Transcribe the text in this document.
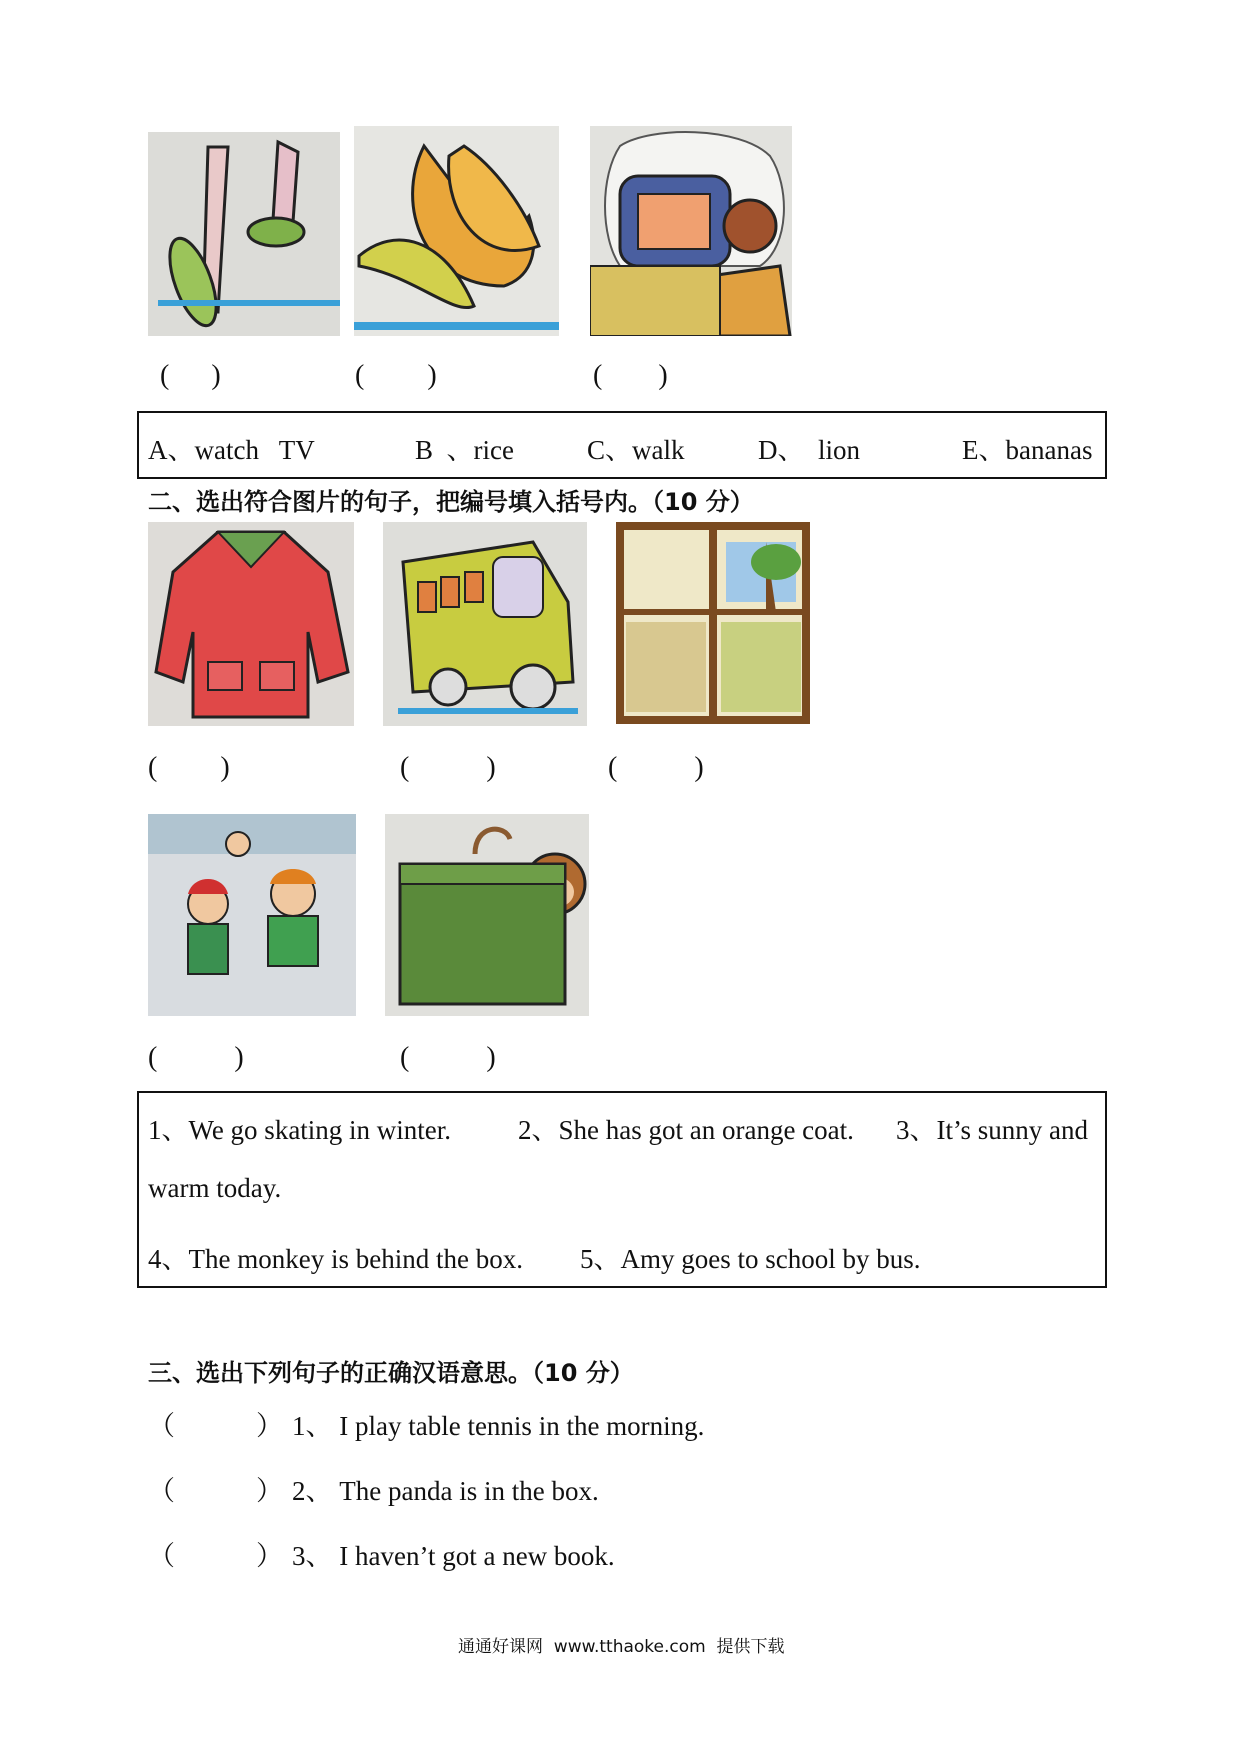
(      )	(         )	(        )
A、watch   TV	B  、rice	C、walk	D、  lion	E、bananas
二、选出符合图片的句子，把编号填入括号内。（10 分）
(         )	(           )	(           )
(           )	(           )
1、We go skating in winter. 2、She has got an orange coat. 3、It’s sunny and
warm today.
4、The monkey is behind the box. 5、Amy goes to school by bus.
三、选出下列句子的正确汉语意思。（10 分）
（            ） 1、 I play table tennis in the morning.
（            ） 2、 The panda is in the box.
（            ） 3、 I haven’t got a new book.
通通好课网  www.tthaoke.com  提供下载
